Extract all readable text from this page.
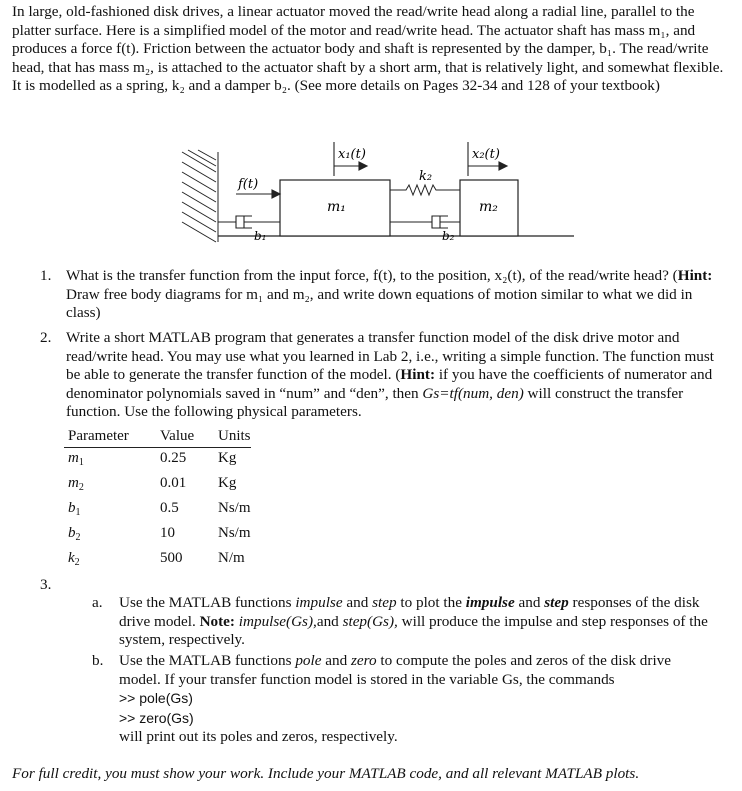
In large, old-fashioned disk drives, a linear actuator moved the read/write head along a radial line, parallel to the platter surface. Here is a simplified model of the motor and read/write head. The actuator shaft has mass m₁, and produces a force f(t). Friction between the actuator body and shaft is represented by the damper, b₁. The read/write head, that has mass m₂, is attached to the actuator shaft by a short arm, that is relatively light, and somewhat flexible. It is modelled as a spring, k₂ and a damper b₂. (See more details on Pages 32-34 and 128 of your textbook)

x₁(t)	x₂(t)
f(t)
k₂
m₁	m₂
b₁	b₂
1. What is the transfer function from the input force, f(t), to the position, x₂(t), of the read/write head? (Hint: Draw free body diagrams for m₁ and m₂, and write down equations of motion similar to what we did in class)

2. Write a short MATLAB program that generates a transfer function model of the disk drive motor and read/write head. You may use what you learned in Lab 2, i.e., writing a simple function. The function must be able to generate the transfer function of the model. (Hint: if you have the coefficients of numerator and denominator polynomials saved in “num” and “den”, then Gs=tf(num, den) will construct the transfer function. Use the following physical parameters.

Parameter	Value	Units
$m_1$	0.25	Kg
$m_2$	0.01	Kg
$b_1$	0.5	Ns/m
$b_2$	10	Ns/m
$k_2$	500	N/m
3.
a. Use the MATLAB functions impulse and step to plot the impulse and step responses of the disk drive model. Note: impulse(Gs),and step(Gs), will produce the impulse and step responses of the system, respectively.
b. Use the MATLAB functions pole and zero to compute the poles and zeros of the disk drive model. If your transfer function model is stored in the variable Gs, the commands
>> pole(Gs)
>> zero(Gs)
will print out its poles and zeros, respectively.

For full credit, you must show your work. Include your MATLAB code, and all relevant MATLAB plots.
